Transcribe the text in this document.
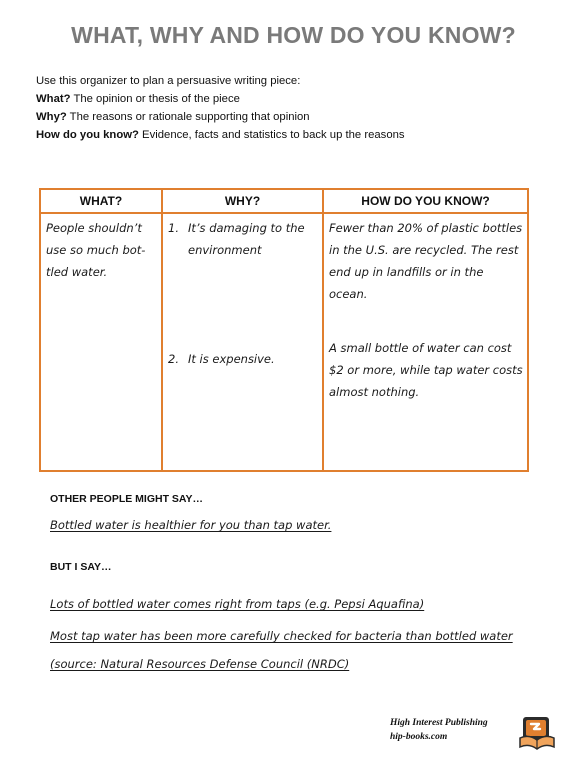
WHAT, WHY AND HOW DO YOU KNOW?
Use this organizer to plan a persuasive writing piece:
What? The opinion or thesis of the piece
Why? The reasons or rationale supporting that opinion
How do you know? Evidence, facts and statistics to back up the reasons
WHAT?
People shouldn’t
use so much bot-
tled water.
WHY?
1. It’s damaging to the
environment
2. It is expensive.
HOW DO YOU KNOW?
Fewer than 20% of plastic bottles
in the U.S. are recycled. The rest
end up in landfills or in the
ocean.
A small bottle of water can cost
$2 or more, while tap water costs
almost nothing.
OTHER PEOPLE MIGHT SAY…
Bottled water is healthier for you than tap water.
BUT I SAY…
Lots of bottled water comes right from taps (e.g. Pepsi Aquafina)
Most tap water has been more carefully checked for bacteria than bottled water
(source: Natural Resources Defense Council (NRDC)
High Interest Publishing
hip-books.com
